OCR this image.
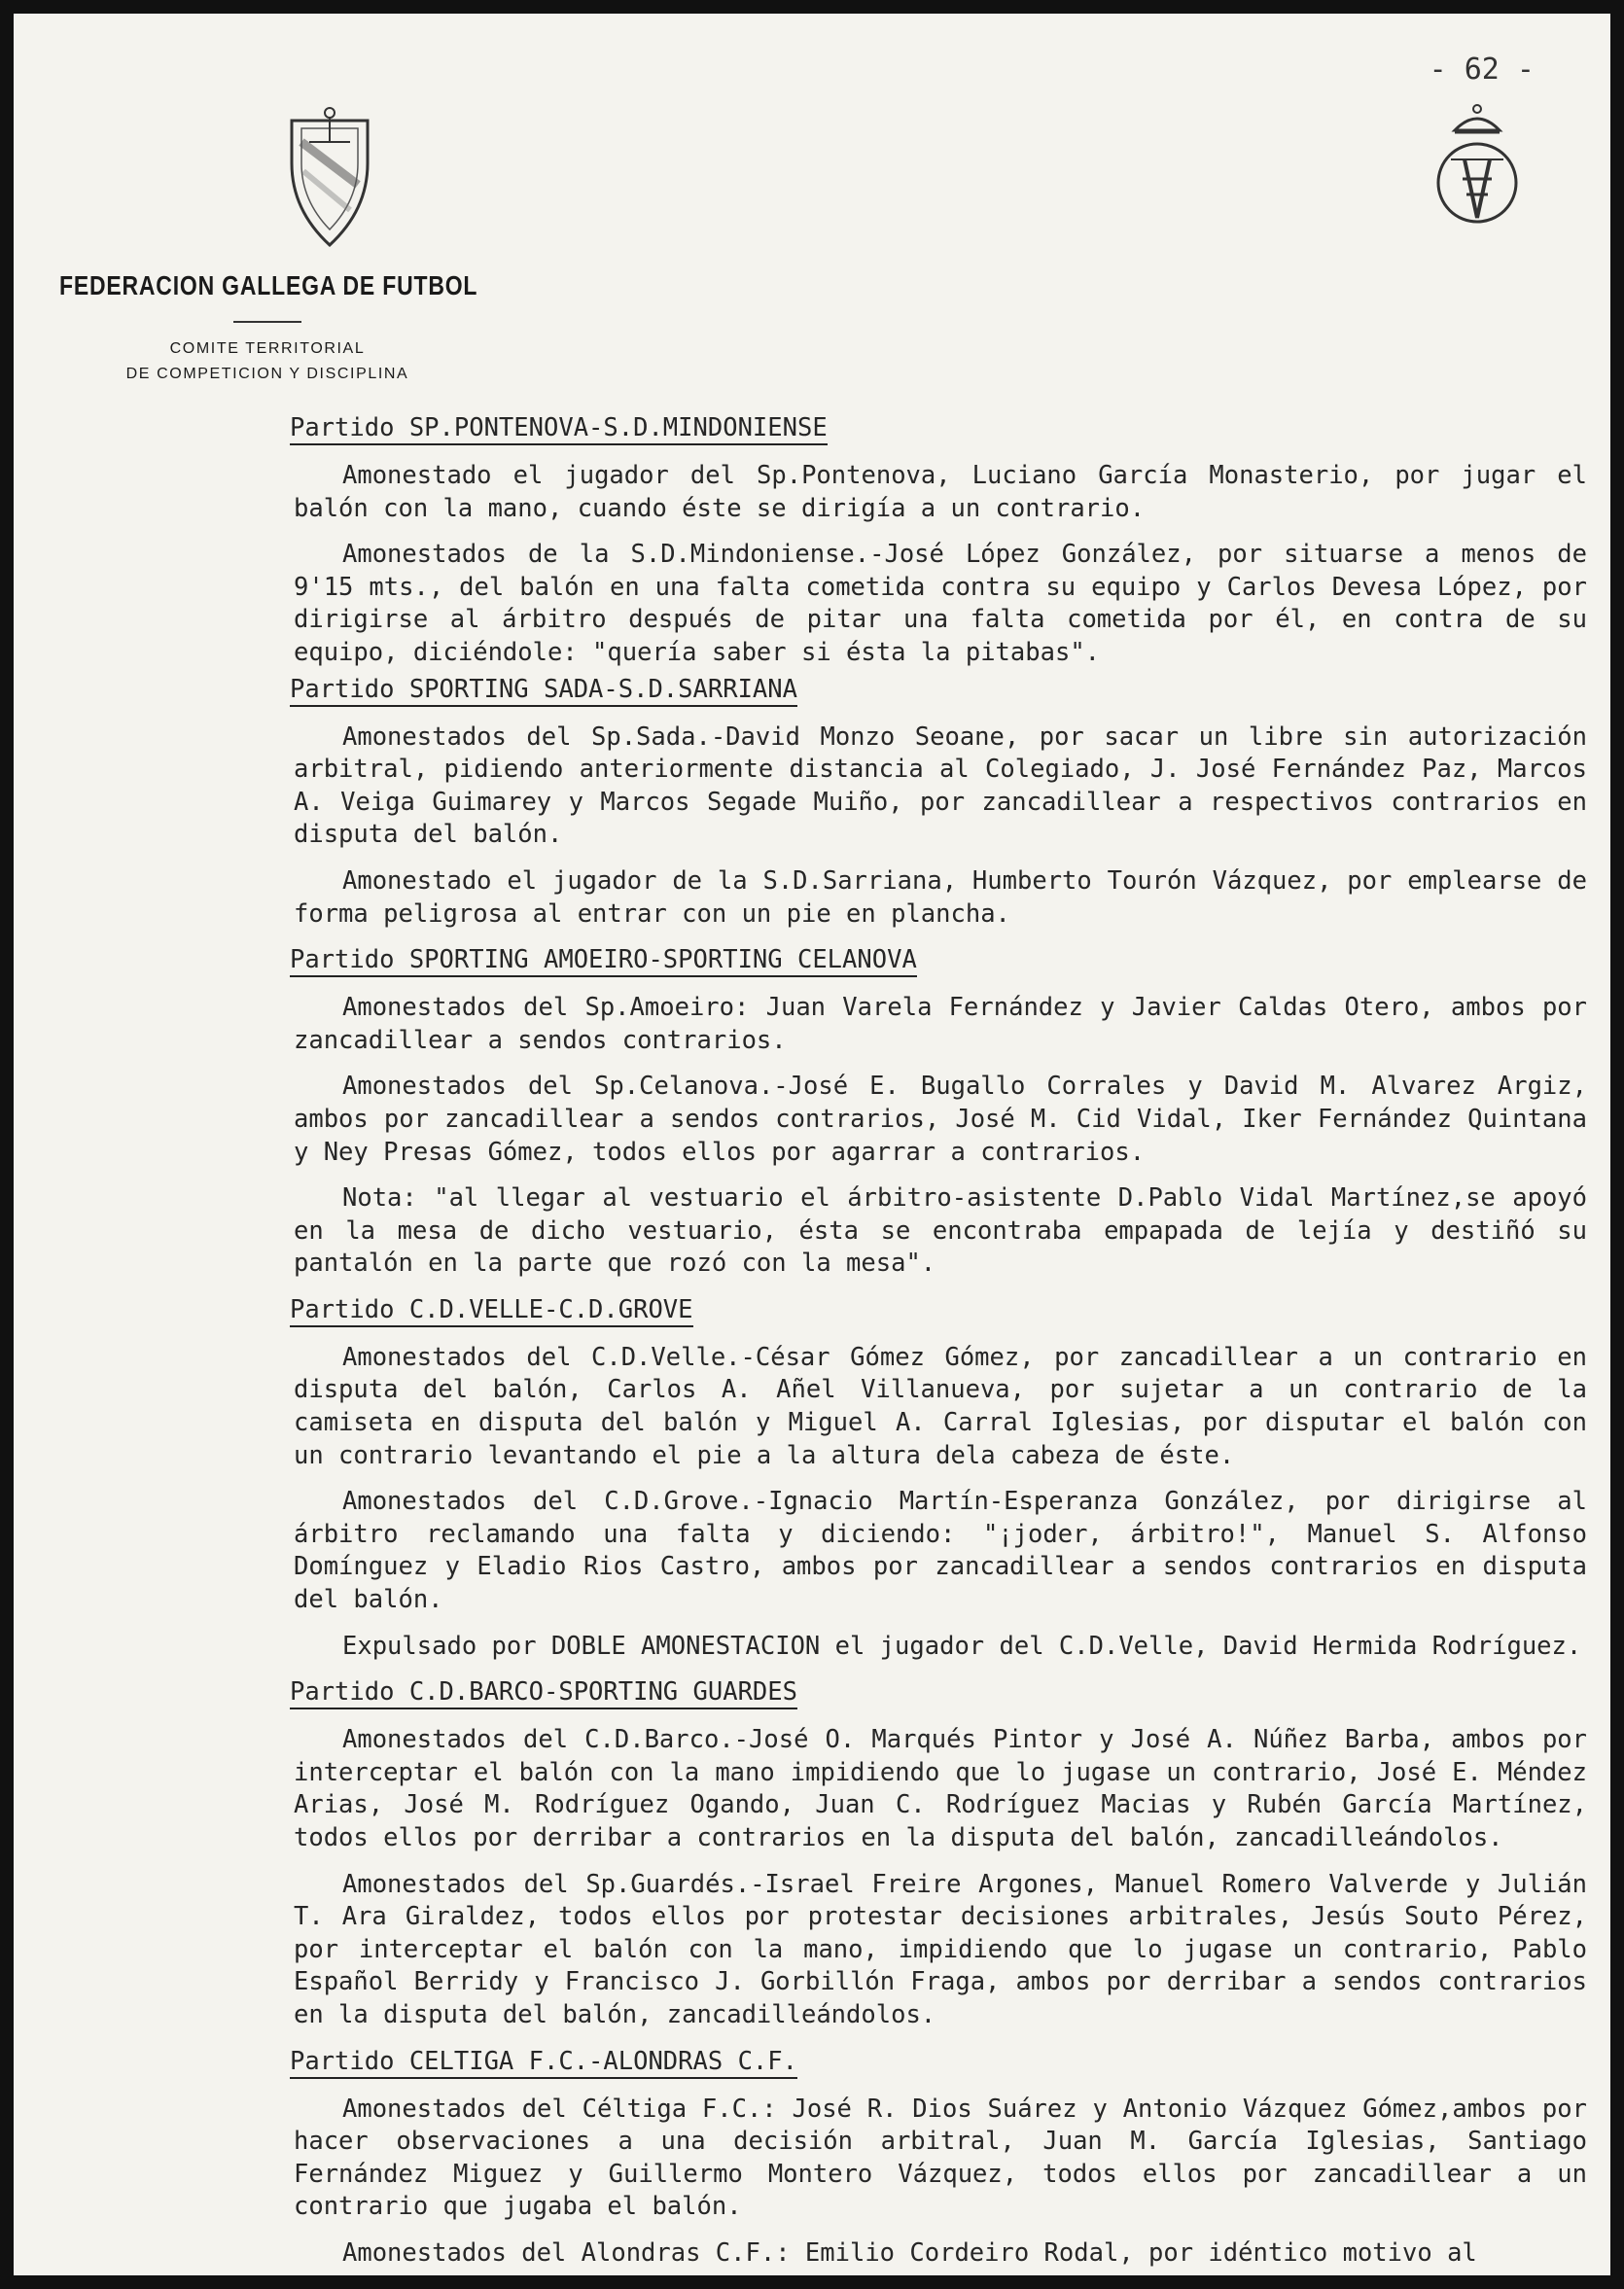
- 62 -
FEDERACION GALLEGA DE FUTBOL
COMITE TERRITORIAL
DE COMPETICION Y DISCIPLINA
Partido SP.PONTENOVA-S.D.MINDONIENSE

Amonestado el jugador del Sp.Pontenova, Luciano García Monasterio, por jugar el balón con la mano, cuando éste se dirigía a un contrario.

Amonestados de la S.D.Mindoniense.-José López González, por situarse a menos de 9'15 mts., del balón en una falta cometida contra su equipo y Carlos Devesa López, por dirigirse al árbitro después de pitar una falta cometida por él, en contra de su equipo, diciéndole: "quería saber si ésta la pitabas".

Partido SPORTING SADA-S.D.SARRIANA

Amonestados del Sp.Sada.-David Monzo Seoane, por sacar un libre sin autorización arbitral, pidiendo anteriormente distancia al Colegiado, J. José Fernández Paz, Marcos A. Veiga Guimarey y Marcos Segade Muiño, por zancadillear a respectivos contrarios en disputa del balón.

Amonestado el jugador de la S.D.Sarriana, Humberto Tourón Vázquez, por emplearse de forma peligrosa al entrar con un pie en plancha.

Partido SPORTING AMOEIRO-SPORTING CELANOVA

Amonestados del Sp.Amoeiro: Juan Varela Fernández y Javier Caldas Otero, ambos por zancadillear a sendos contrarios.

Amonestados del Sp.Celanova.-José E. Bugallo Corrales y David M. Alvarez Argiz, ambos por zancadillear a sendos contrarios, José M. Cid Vidal, Iker Fernández Quintana y Ney Presas Gómez, todos ellos por agarrar a contrarios.

Nota: "al llegar al vestuario el árbitro-asistente D.Pablo Vidal Martínez,se apoyó en la mesa de dicho vestuario, ésta se encontraba empapada de lejía y destiñó su pantalón en la parte que rozó con la mesa".

Partido C.D.VELLE-C.D.GROVE

Amonestados del C.D.Velle.-César Gómez Gómez, por zancadillear a un contrario en disputa del balón, Carlos A. Añel Villanueva, por sujetar a un contrario de la camiseta en disputa del balón y Miguel A. Carral Iglesias, por disputar el balón con un contrario levantando el pie a la altura dela cabeza de éste.

Amonestados del C.D.Grove.-Ignacio Martín-Esperanza González, por dirigirse al árbitro reclamando una falta y diciendo: "¡joder, árbitro!", Manuel S. Alfonso Domínguez y Eladio Rios Castro, ambos por zancadillear a sendos contrarios en disputa del balón.

Expulsado por DOBLE AMONESTACION el jugador del C.D.Velle, David Hermida Rodríguez.

Partido C.D.BARCO-SPORTING GUARDES

Amonestados del C.D.Barco.-José O. Marqués Pintor y José A. Núñez Barba, ambos por interceptar el balón con la mano impidiendo que lo jugase un contrario, José E. Méndez Arias, José M. Rodríguez Ogando, Juan C. Rodríguez Macias y Rubén García Martínez, todos ellos por derribar a contrarios en la disputa del balón, zancadilleándolos.

Amonestados del Sp.Guardés.-Israel Freire Argones, Manuel Romero Valverde y Julián T. Ara Giraldez, todos ellos por protestar decisiones arbitrales, Jesús Souto Pérez, por interceptar el balón con la mano, impidiendo que lo jugase un contrario, Pablo Español Berridy y Francisco J. Gorbillón Fraga, ambos por derribar a sendos contrarios en la disputa del balón, zancadilleándolos.

Partido CELTIGA F.C.-ALONDRAS C.F.

Amonestados del Céltiga F.C.: José R. Dios Suárez y Antonio Vázquez Gómez,ambos por hacer observaciones a una decisión arbitral, Juan M. García Iglesias, Santiago Fernández Miguez y Guillermo Montero Vázquez, todos ellos por zancadillear a un contrario que jugaba el balón.

Amonestados del Alondras C.F.: Emilio Cordeiro Rodal, por idéntico motivo al
